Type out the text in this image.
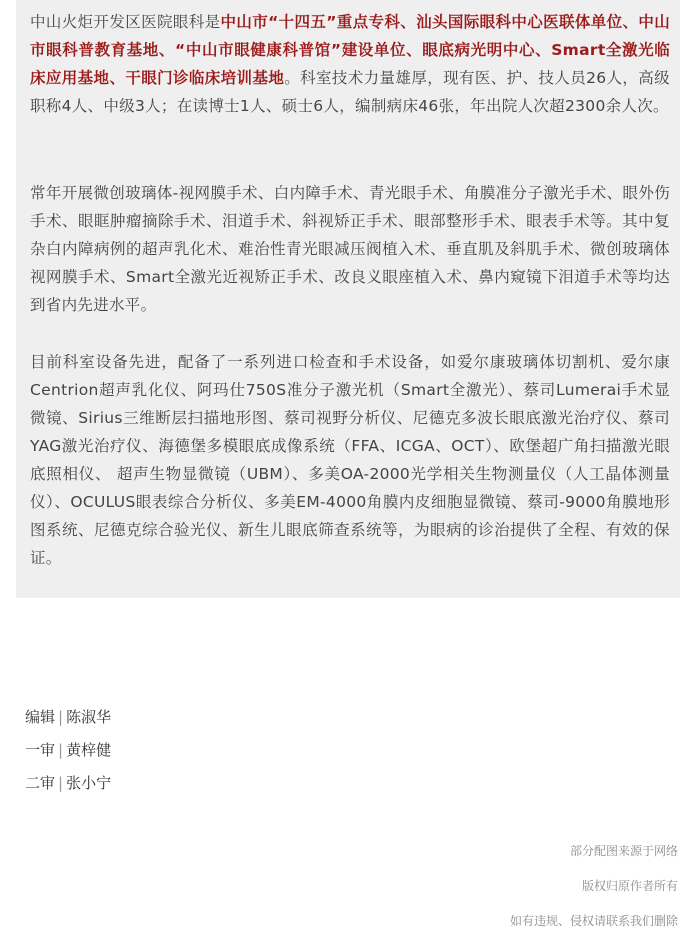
中山火炬开发区医院眼科是中山市“十四五”重点专科、汕头国际眼科中心医联体单位、中山市眼科普教育基地、“中山市眼健康科普馆”建设单位、眼底病光明中心、Smart全激光临床应用基地、干眼门诊临床培训基地。科室技术力量雄厚，现有医、护、技人员26人，高级职称4人、中级3人；在读博士1人、硕士6人，编制病床46张，年出院人次超2300余人次。
常年开展微创玻璃体-视网膜手术、白内障手术、青光眼手术、角膜准分子激光手术、眼外伤手术、眼眶肿瘤摘除手术、泪道手术、斜视矫正手术、眼部整形手术、眼表手术等。其中复杂白内障病例的超声乳化术、难治性青光眼减压阀植入术、垂直肌及斜肌手术、微创玻璃体视网膜手术、Smart全激光近视矫正手术、改良义眼座植入术、鼻内窥镜下泪道手术等均达到省内先进水平。
目前科室设备先进，配备了一系列进口检查和手术设备，如爱尔康玻璃体切割机、爱尔康Centrion超声乳化仪、阿玛仕750S准分子激光机（Smart全激光）、蔡司Lumerai手术显微镜、Sirius三维断层扫描地形图、蔡司视野分析仪、尼德克多波长眼底激光治疗仪、蔡司YAG激光治疗仪、海德堡多模眼底成像系统（FFA、ICGA、OCT）、欧堡超广角扫描激光眼底照相仪、 超声生物显微镜（UBM）、多美OA-2000光学相关生物测量仪（人工晶体测量仪）、OCULUS眼表综合分析仪、多美EM-4000角膜内皮细胞显微镜、蔡司-9000角膜地形图系统、尼德克综合验光仪、新生儿眼底筛查系统等，为眼病的诊治提供了全程、有效的保证。
编辑 | 陈淑华
一审 | 黄梓健
二审 | 张小宁
部分配图来源于网络
版权归原作者所有
如有违规、侵权请联系我们删除
